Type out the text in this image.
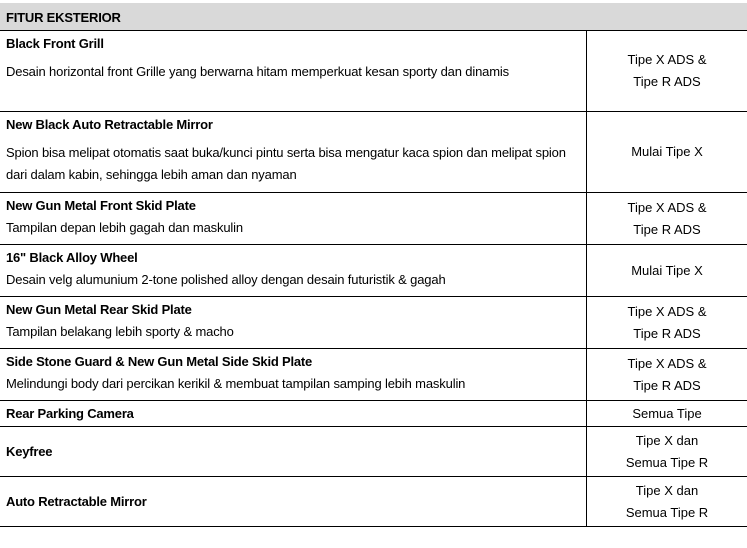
FITUR EKSTERIOR
Black Front Grill
Desain horizontal front Grille yang berwarna hitam memperkuat kesan sporty dan dinamis
Tipe X ADS &
Tipe R ADS
New Black Auto Retractable Mirror
Spion bisa melipat otomatis saat buka/kunci pintu serta bisa mengatur kaca spion dan melipat spion dari dalam kabin, sehingga lebih aman dan nyaman
Mulai Tipe X
New Gun Metal Front Skid Plate
Tampilan depan lebih gagah dan maskulin
Tipe X ADS &
Tipe R ADS
16" Black Alloy Wheel
Desain velg alumunium 2-tone polished alloy dengan desain futuristik & gagah
Mulai Tipe X
New Gun Metal Rear Skid Plate
Tampilan belakang lebih sporty & macho
Tipe X ADS &
Tipe R ADS
Side Stone Guard & New Gun Metal Side Skid Plate
Melindungi body dari percikan kerikil & membuat tampilan samping lebih maskulin
Tipe X ADS &
Tipe R ADS
Rear Parking Camera	Semua Tipe
Keyfree
Tipe X dan
Semua Tipe R
Auto Retractable Mirror
Tipe X dan
Semua Tipe R
